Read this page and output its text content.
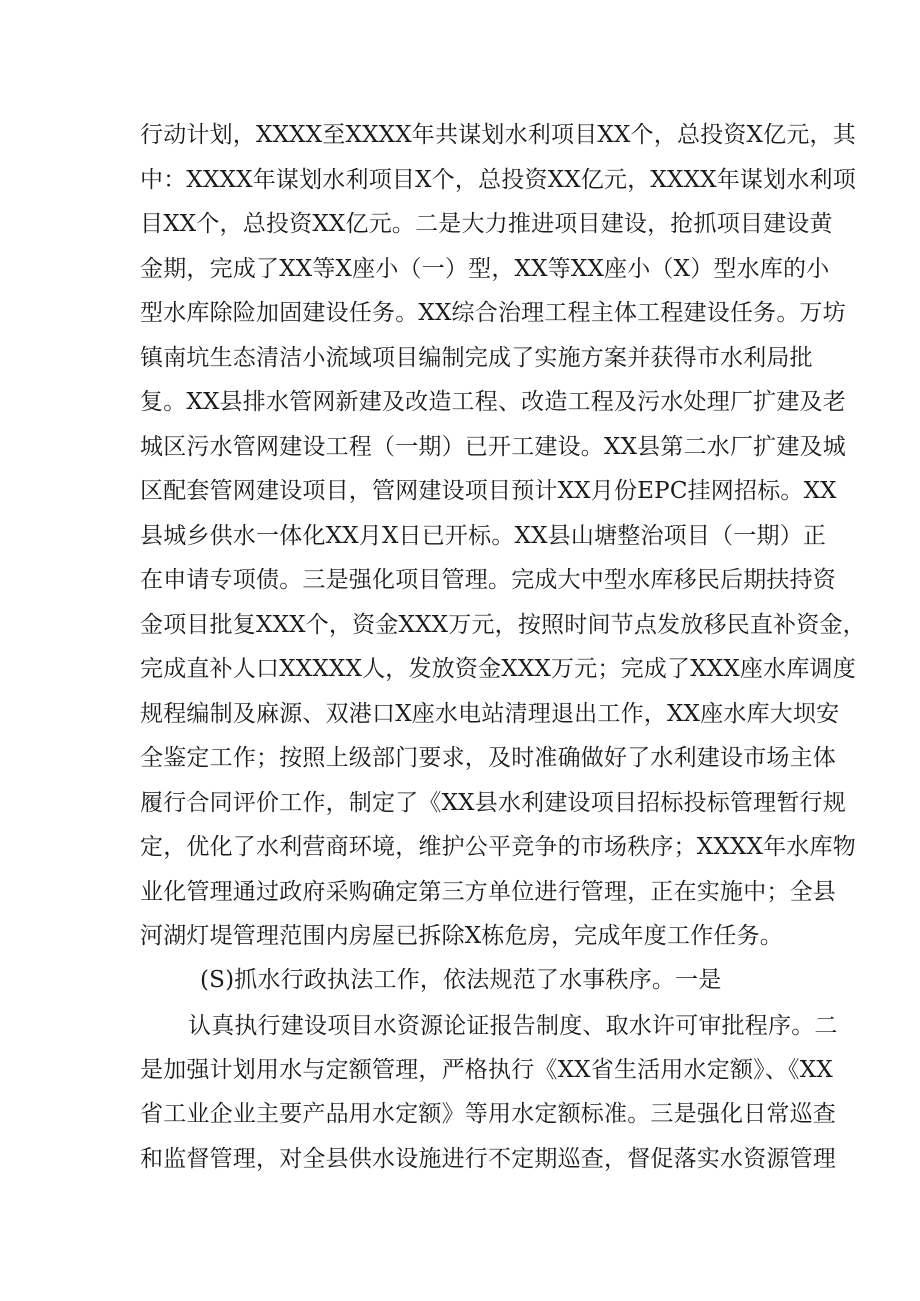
行动计划，XXXX至XXXX年共谋划水利项目XX个，总投资X亿元，其
中：XXXX年谋划水利项目X个，总投资XX亿元，XXXX年谋划水利项
目XX个，总投资XX亿元。二是大力推进项目建设，抢抓项目建设黄
金期，完成了XX等X座小（一）型，XX等XX座小（X）型水库的小
型水库除险加固建设任务。XX综合治理工程主体工程建设任务。万坊
镇南坑生态清洁小流域项目编制完成了实施方案并获得市水利局批
复。XX县排水管网新建及改造工程、改造工程及污水处理厂扩建及老
城区污水管网建设工程（一期）已开工建设。XX县第二水厂扩建及城
区配套管网建设项目，管网建设项目预计XX月份EPC挂网招标。XX
县城乡供水一体化XX月X日已开标。XX县山塘整治项目（一期）正
在申请专项债。三是强化项目管理。完成大中型水库移民后期扶持资
金项目批复XXX个，资金XXX万元，按照时间节点发放移民直补资金，
完成直补人口XXXXX人，发放资金XXX万元；完成了XXX座水库调度
规程编制及麻源、双港口X座水电站清理退出工作，XX座水库大坝安
全鉴定工作；按照上级部门要求，及时准确做好了水利建设市场主体
履行合同评价工作，制定了《XX县水利建设项目招标投标管理暂行规
定，优化了水利营商环境，维护公平竞争的市场秩序；XXXX年水库物
业化管理通过政府采购确定第三方单位进行管理，正在实施中；全县
河湖灯堤管理范围内房屋已拆除X栋危房，完成年度工作任务。
(S)抓水行政执法工作，依法规范了水事秩序。一是
认真执行建设项目水资源论证报告制度、取水许可审批程序。二
是加强计划用水与定额管理，严格执行《XX省生活用水定额》、《XX
省工业企业主要产品用水定额》等用水定额标准。三是强化日常巡查
和监督管理，对全县供水设施进行不定期巡查，督促落实水资源管理
